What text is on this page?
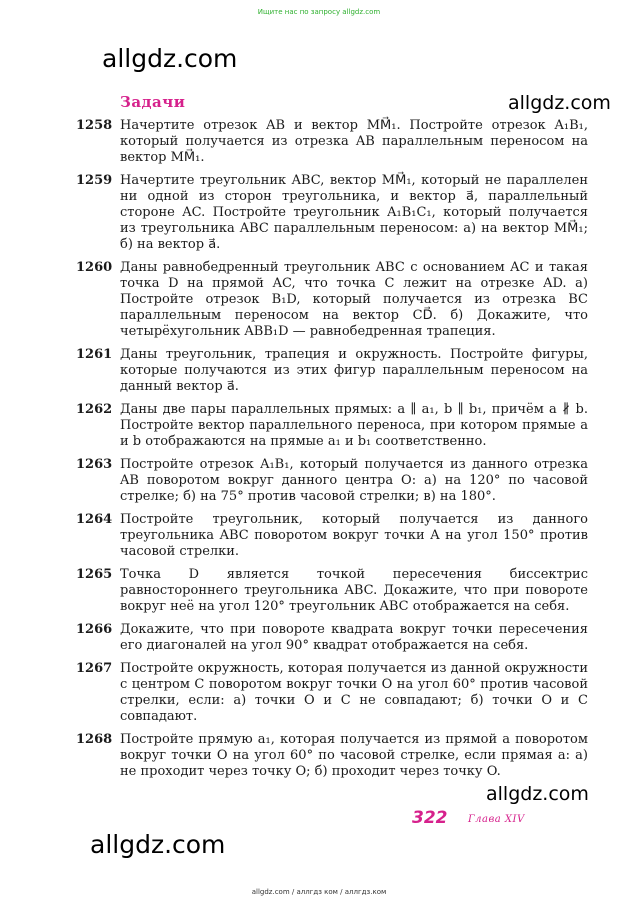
Ищите нас по запросу allgdz.com
allgdz.com
allgdz.com
allgdz.com
allgdz.com
Задачи
1258 Начертите отрезок AB и вектор MM⃗₁. Постройте отрезок A₁B₁, который получается из отрезка AB параллельным переносом на вектор MM⃗₁.
1259 Начертите треугольник ABC, вектор MM⃗₁, который не параллелен ни одной из сторон треугольника, и вектор a⃗, параллельный стороне AC. Постройте треугольник A₁B₁C₁, который получается из треугольника ABC параллельным переносом: а) на вектор MM⃗₁; б) на вектор a⃗.
1260 Даны равнобедренный треугольник ABC с основанием AC и такая точка D на прямой AC, что точка C лежит на отрезке AD. а) Постройте отрезок B₁D, который получается из отрезка BC параллельным переносом на вектор CD⃗. б) Докажите, что четырёхугольник ABB₁D — равнобедренная трапеция.
1261 Даны треугольник, трапеция и окружность. Постройте фигуры, которые получаются из этих фигур параллельным переносом на данный вектор a⃗.
1262 Даны две пары параллельных прямых: a ∥ a₁, b ∥ b₁, причём a ∦ b. Постройте вектор параллельного переноса, при котором прямые a и b отображаются на прямые a₁ и b₁ соответственно.
1263 Постройте отрезок A₁B₁, который получается из данного отрезка AB поворотом вокруг данного центра O: а) на 120° по часовой стрелке; б) на 75° против часовой стрелки; в) на 180°.
1264 Постройте треугольник, который получается из данного треугольника ABC поворотом вокруг точки A на угол 150° против часовой стрелки.
1265 Точка D является точкой пересечения биссектрис равностороннего треугольника ABC. Докажите, что при повороте вокруг неё на угол 120° треугольник ABC отображается на себя.
1266 Докажите, что при повороте квадрата вокруг точки пересечения его диагоналей на угол 90° квадрат отображается на себя.
1267 Постройте окружность, которая получается из данной окружности с центром C поворотом вокруг точки O на угол 60° против часовой стрелки, если: а) точки O и C не совпадают; б) точки O и C совпадают.
1268 Постройте прямую a₁, которая получается из прямой a поворотом вокруг точки O на угол 60° по часовой стрелке, если прямая a: а) не проходит через точку O; б) проходит через точку O.
322 Глава XIV
allgdz.com / аллгдз ком / аллгдз.ком
